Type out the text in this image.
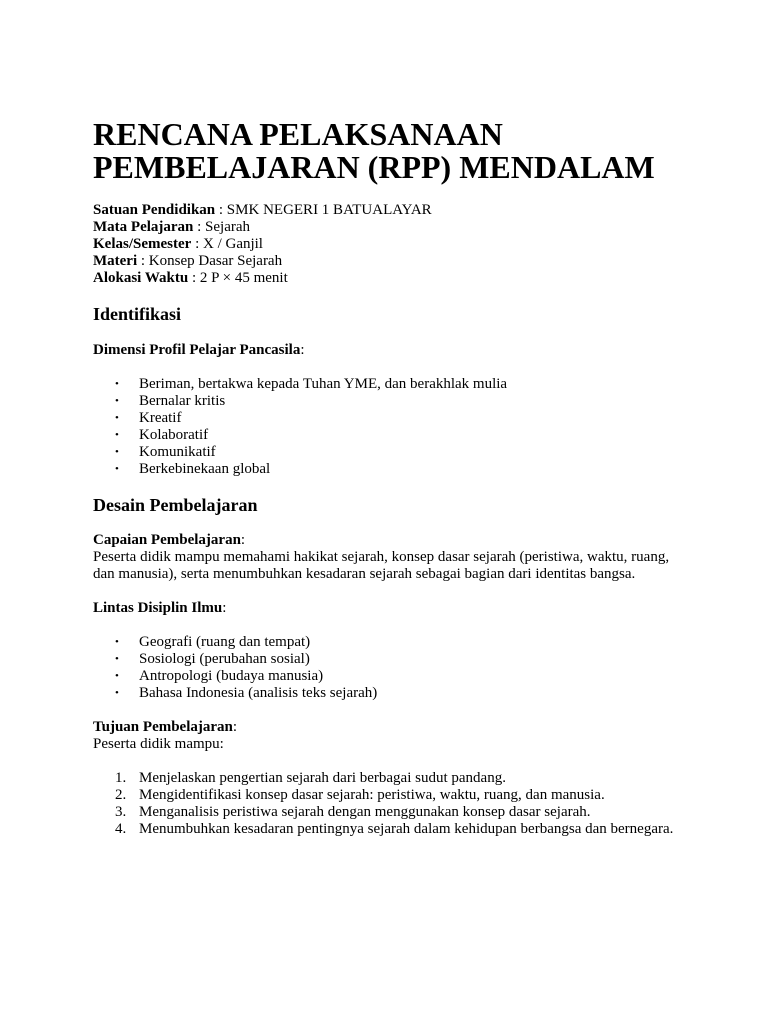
RENCANA PELAKSANAAN
PEMBELAJARAN (RPP) MENDALAM
Satuan Pendidikan : SMK NEGERI 1 BATUALAYAR
Mata Pelajaran : Sejarah
Kelas/Semester : X / Ganjil
Materi : Konsep Dasar Sejarah
Alokasi Waktu : 2 P × 45 menit
Identifikasi
Dimensi Profil Pelajar Pancasila:
• Beriman, bertakwa kepada Tuhan YME, dan berakhlak mulia
• Bernalar kritis
• Kreatif
• Kolaboratif
• Komunikatif
• Berkebinekaan global
Desain Pembelajaran
Capaian Pembelajaran:
Peserta didik mampu memahami hakikat sejarah, konsep dasar sejarah (peristiwa, waktu, ruang, dan manusia), serta menumbuhkan kesadaran sejarah sebagai bagian dari identitas bangsa.
Lintas Disiplin Ilmu:
• Geografi (ruang dan tempat)
• Sosiologi (perubahan sosial)
• Antropologi (budaya manusia)
• Bahasa Indonesia (analisis teks sejarah)
Tujuan Pembelajaran:
Peserta didik mampu:
1. Menjelaskan pengertian sejarah dari berbagai sudut pandang.
2. Mengidentifikasi konsep dasar sejarah: peristiwa, waktu, ruang, dan manusia.
3. Menganalisis peristiwa sejarah dengan menggunakan konsep dasar sejarah.
4. Menumbuhkan kesadaran pentingnya sejarah dalam kehidupan berbangsa dan bernegara.
